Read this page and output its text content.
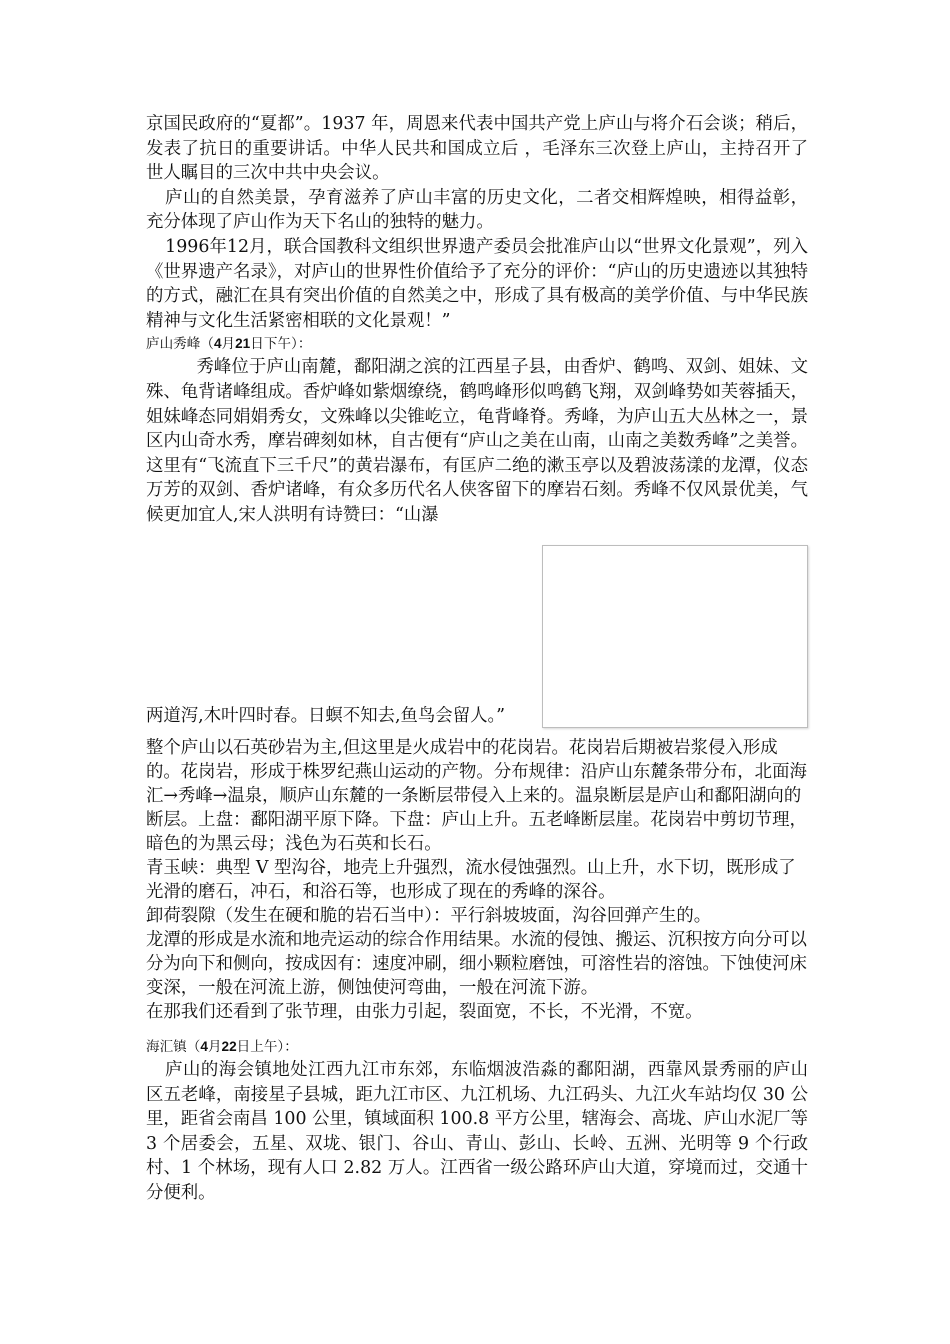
京国民政府的“夏都”。1937 年，周恩来代表中国共产党上庐山与将介石会谈；稍后，发表了抗日的重要讲话。中华人民共和国成立后 ，毛泽东三次登上庐山，主持召开了世人瞩目的三次中共中央会议。

庐山的自然美景，孕育滋养了庐山丰富的历史文化，二者交相辉煌映，相得益彰，充分体现了庐山作为天下名山的独特的魅力。

1996年12月，联合国教科文组织世界遗产委员会批准庐山以“世界文化景观”，列入《世界遗产名录》，对庐山的世界性价值给予了充分的评价：“庐山的历史遗迹以其独特的方式，融汇在具有突出价值的自然美之中，形成了具有极高的美学价值、与中华民族精神与文化生活紧密相联的文化景观！”

庐山秀峰（4月21日下午）：

秀峰位于庐山南麓，鄱阳湖之滨的江西星子县，由香炉、鹤鸣、双剑、姐妹、文殊、龟背诸峰组成。香炉峰如紫烟缭绕，鹤鸣峰形似鸣鹤飞翔，双剑峰势如芙蓉插天，姐妹峰态同娟娟秀女，文殊峰以尖锥屹立，龟背峰脊。秀峰，为庐山五大丛林之一，景区内山奇水秀，摩岩碑刻如林，自古便有“庐山之美在山南，山南之美数秀峰”之美誉。这里有“飞流直下三千尺”的黄岩瀑布，有匡庐二绝的漱玉亭以及碧波荡漾的龙潭，仪态万芳的双剑、香炉诸峰，有众多历代名人侠客留下的摩岩石刻。秀峰不仅风景优美，气候更加宜人,宋人洪明有诗赞曰：“山瀑

两道泻,木叶四时春。日螟不知去,鱼鸟会留人。”

整个庐山以石英砂岩为主,但这里是火成岩中的花岗岩。花岗岩后期被岩浆侵入形成的。花岗岩，形成于株罗纪燕山运动的产物。分布规律：沿庐山东麓条带分布，北面海汇→秀峰→温泉，顺庐山东麓的一条断层带侵入上来的。温泉断层是庐山和鄱阳湖向的断层。上盘：鄱阳湖平原下降。下盘：庐山上升。五老峰断层崖。花岗岩中剪切节理，暗色的为黑云母；浅色为石英和长石。

青玉峡：典型 V 型沟谷，地壳上升强烈，流水侵蚀强烈。山上升，水下切，既形成了光滑的磨石，冲石，和浴石等，也形成了现在的秀峰的深谷。

卸荷裂隙（发生在硬和脆的岩石当中）：平行斜坡坡面，沟谷回弹产生的。

龙潭的形成是水流和地壳运动的综合作用结果。水流的侵蚀、搬运、沉积按方向分可以分为向下和侧向，按成因有：速度冲刷，细小颗粒磨蚀，可溶性岩的溶蚀。下蚀使河床变深，一般在河流上游，侧蚀使河弯曲，一般在河流下游。

在那我们还看到了张节理，由张力引起，裂面宽，不长，不光滑，不宽。

海汇镇（4月22日上午）：

庐山的海会镇地处江西九江市东郊，东临烟波浩淼的鄱阳湖，西靠风景秀丽的庐山区五老峰，南接星子县城，距九江市区、九江机场、九江码头、九江火车站均仅 30 公里，距省会南昌 100 公里，镇域面积 100.8 平方公里，辖海会、高垅、庐山水泥厂等 3 个居委会，五星、双垅、银门、谷山、青山、彭山、长岭、五洲、光明等 9 个行政村、1 个林场，现有人口 2.82 万人。江西省一级公路环庐山大道，穿境而过，交通十分便利。
